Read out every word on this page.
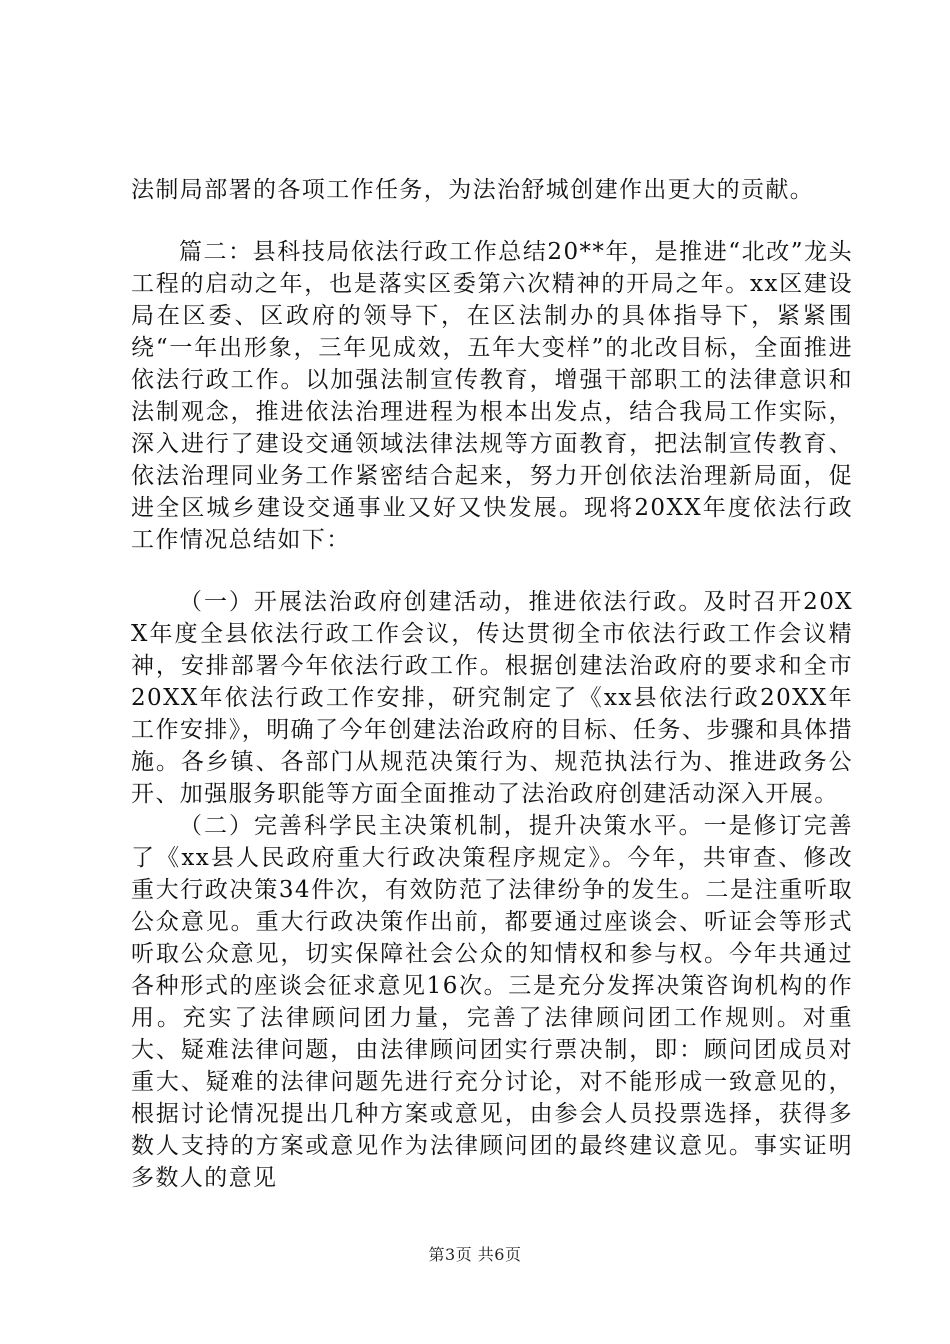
法制局部署的各项工作任务，为法治舒城创建作出更大的贡献。

篇二：县科技局依法行政工作总结20**年，是推进“北改”龙头工程的启动之年，也是落实区委第六次精神的开局之年。xx区建设局在区委、区政府的领导下，在区法制办的具体指导下，紧紧围绕“一年出形象，三年见成效，五年大变样”的北改目标，全面推进依法行政工作。以加强法制宣传教育，增强干部职工的法律意识和法制观念，推进依法治理进程为根本出发点，结合我局工作实际，深入进行了建设交通领域法律法规等方面教育，把法制宣传教育、依法治理同业务工作紧密结合起来，努力开创依法治理新局面，促进全区城乡建设交通事业又好又快发展。现将20XX年度依法行政工作情况总结如下：

（一）开展法治政府创建活动，推进依法行政。及时召开20XX年度全县依法行政工作会议，传达贯彻全市依法行政工作会议精神，安排部署今年依法行政工作。根据创建法治政府的要求和全市20XX年依法行政工作安排，研究制定了《xx县依法行政20XX年工作安排》，明确了今年创建法治政府的目标、任务、步骤和具体措施。各乡镇、各部门从规范决策行为、规范执法行为、推进政务公开、加强服务职能等方面全面推动了法治政府创建活动深入开展。

（二）完善科学民主决策机制，提升决策水平。一是修订完善了《xx县人民政府重大行政决策程序规定》。今年，共审查、修改重大行政决策34件次，有效防范了法律纷争的发生。二是注重听取公众意见。重大行政决策作出前，都要通过座谈会、听证会等形式听取公众意见，切实保障社会公众的知情权和参与权。今年共通过各种形式的座谈会征求意见16次。三是充分发挥决策咨询机构的作用。充实了法律顾问团力量，完善了法律顾问团工作规则。对重大、疑难法律问题，由法律顾问团实行票决制，即：顾问团成员对重大、疑难的法律问题先进行充分讨论，对不能形成一致意见的，根据讨论情况提出几种方案或意见，由参会人员投票选择，获得多数人支持的方案或意见作为法律顾问团的最终建议意见。事实证明多数人的意见

第3页 共6页
